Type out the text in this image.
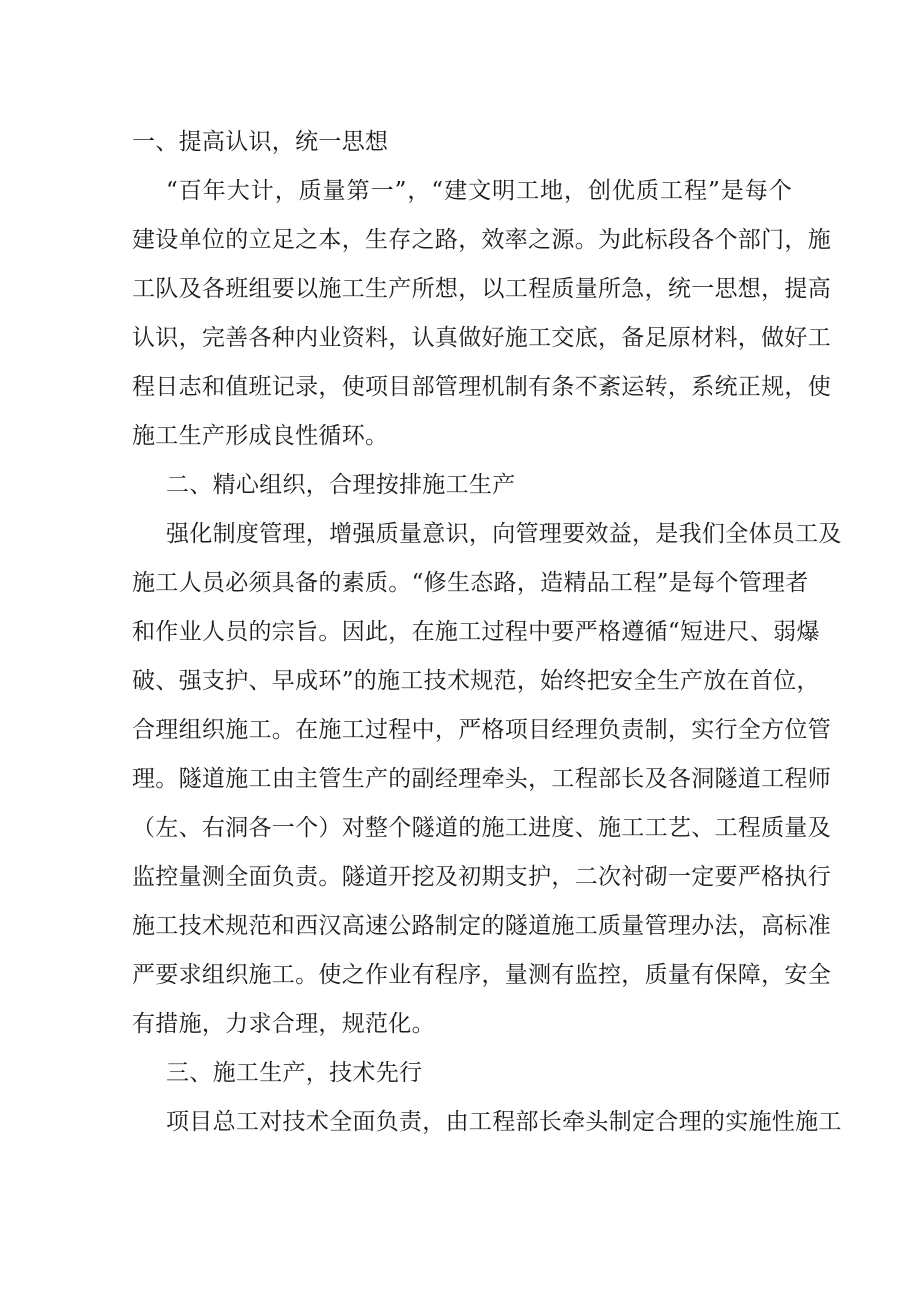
一、提高认识，统一思想
“百年大计，质量第一”，“建文明工地，创优质工程”是每个
建设单位的立足之本，生存之路，效率之源。为此标段各个部门，施
工队及各班组要以施工生产所想，以工程质量所急，统一思想，提高
认识，完善各种内业资料，认真做好施工交底，备足原材料，做好工
程日志和值班记录，使项目部管理机制有条不紊运转，系统正规，使
施工生产形成良性循环。
二、精心组织，合理按排施工生产
强化制度管理，增强质量意识，向管理要效益，是我们全体员工及
施工人员必须具备的素质。“修生态路，造精品工程”是每个管理者
和作业人员的宗旨。因此，在施工过程中要严格遵循“短进尺、弱爆
破、强支护、早成环”的施工技术规范，始终把安全生产放在首位，
合理组织施工。在施工过程中，严格项目经理负责制，实行全方位管
理。隧道施工由主管生产的副经理牵头，工程部长及各洞隧道工程师
（左、右洞各一个）对整个隧道的施工进度、施工工艺、工程质量及
监控量测全面负责。隧道开挖及初期支护，二次衬砌一定要严格执行
施工技术规范和西汉高速公路制定的隧道施工质量管理办法，高标准
严要求组织施工。使之作业有程序，量测有监控，质量有保障，安全
有措施，力求合理，规范化。
三、施工生产，技术先行
项目总工对技术全面负责，由工程部长牵头制定合理的实施性施工
